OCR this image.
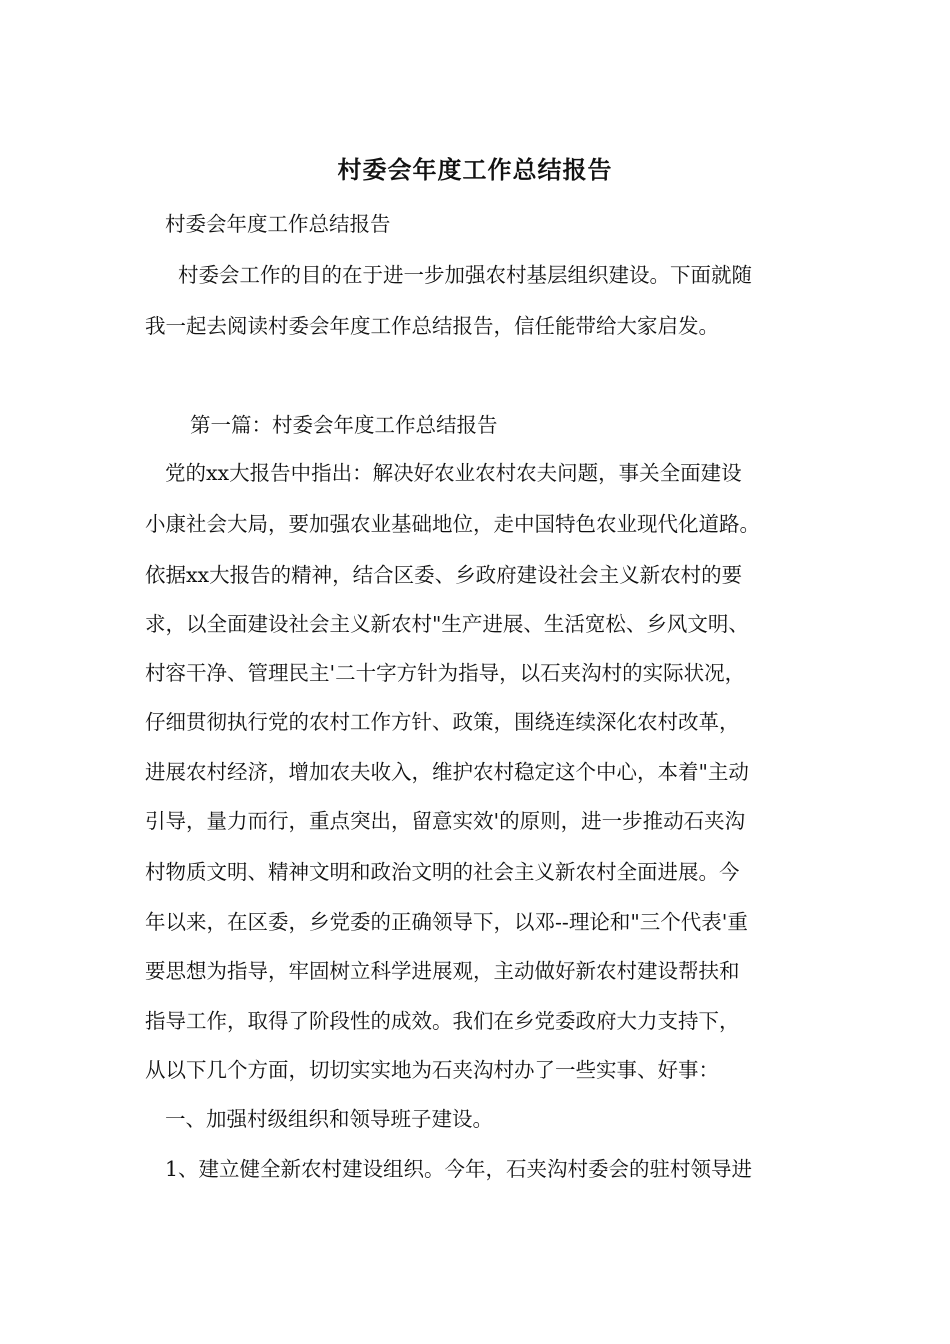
村委会年度工作总结报告
村委会年度工作总结报告
村委会工作的目的在于进一步加强农村基层组织建设。下面就随
我一起去阅读村委会年度工作总结报告，信任能带给大家启发。
第一篇：村委会年度工作总结报告
党的xx大报告中指出：解决好农业农村农夫问题，事关全面建设
小康社会大局，要加强农业基础地位，走中国特色农业现代化道路。
依据xx大报告的精神，结合区委、乡政府建设社会主义新农村的要
求，以全面建设社会主义新农村"生产进展、生活宽松、乡风文明、
村容干净、管理民主'二十字方针为指导，以石夹沟村的实际状况，
仔细贯彻执行党的农村工作方针、政策，围绕连续深化农村改革，
进展农村经济，增加农夫收入，维护农村稳定这个中心，本着"主动
引导，量力而行，重点突出，留意实效'的原则，进一步推动石夹沟
村物质文明、精神文明和政治文明的社会主义新农村全面进展。今
年以来，在区委，乡党委的正确领导下，以邓--理论和"三个代表'重
要思想为指导，牢固树立科学进展观，主动做好新农村建设帮扶和
指导工作，取得了阶段性的成效。我们在乡党委政府大力支持下，
从以下几个方面，切切实实地为石夹沟村办了一些实事、好事：
一、加强村级组织和领导班子建设。
1、建立健全新农村建设组织。今年，石夹沟村委会的驻村领导进
